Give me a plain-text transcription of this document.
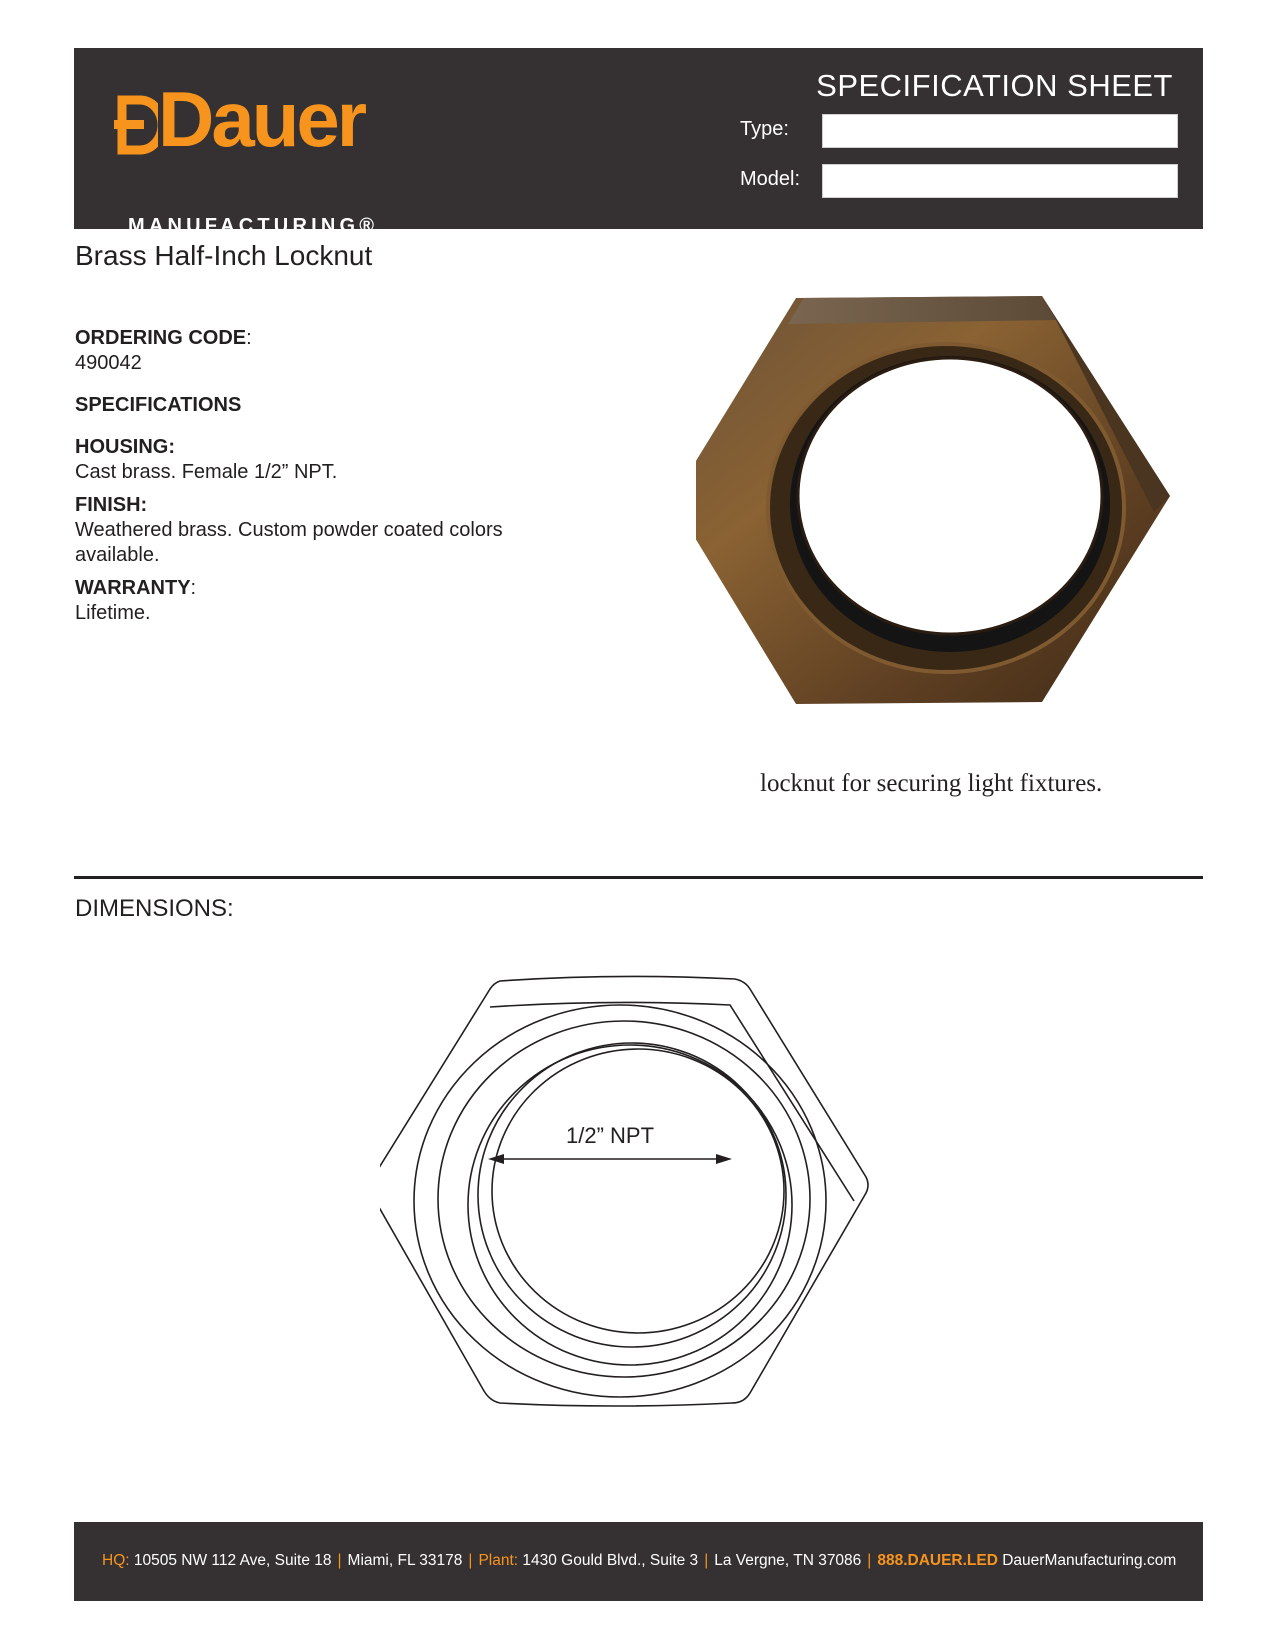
Dauer
MANUFACTURING®
SPECIFICATION SHEET
Type:
Model:
Brass Half-Inch Locknut

ORDERING CODE:

490042

SPECIFICATIONS

HOUSING:

Cast brass. Female 1/2” NPT.

FINISH:

Weathered brass. Custom powder coated colors available.

WARRANTY:

Lifetime.

locknut for securing light fixtures.
DIMENSIONS:
1/2” NPT
HQ: 10505 NW 112 Ave, Suite 18 | Miami, FL 33178 | Plant: 1430 Gould Blvd., Suite 3 | La Vergne, TN 37086 | 888.DAUER.LED DauerManufacturing.com
